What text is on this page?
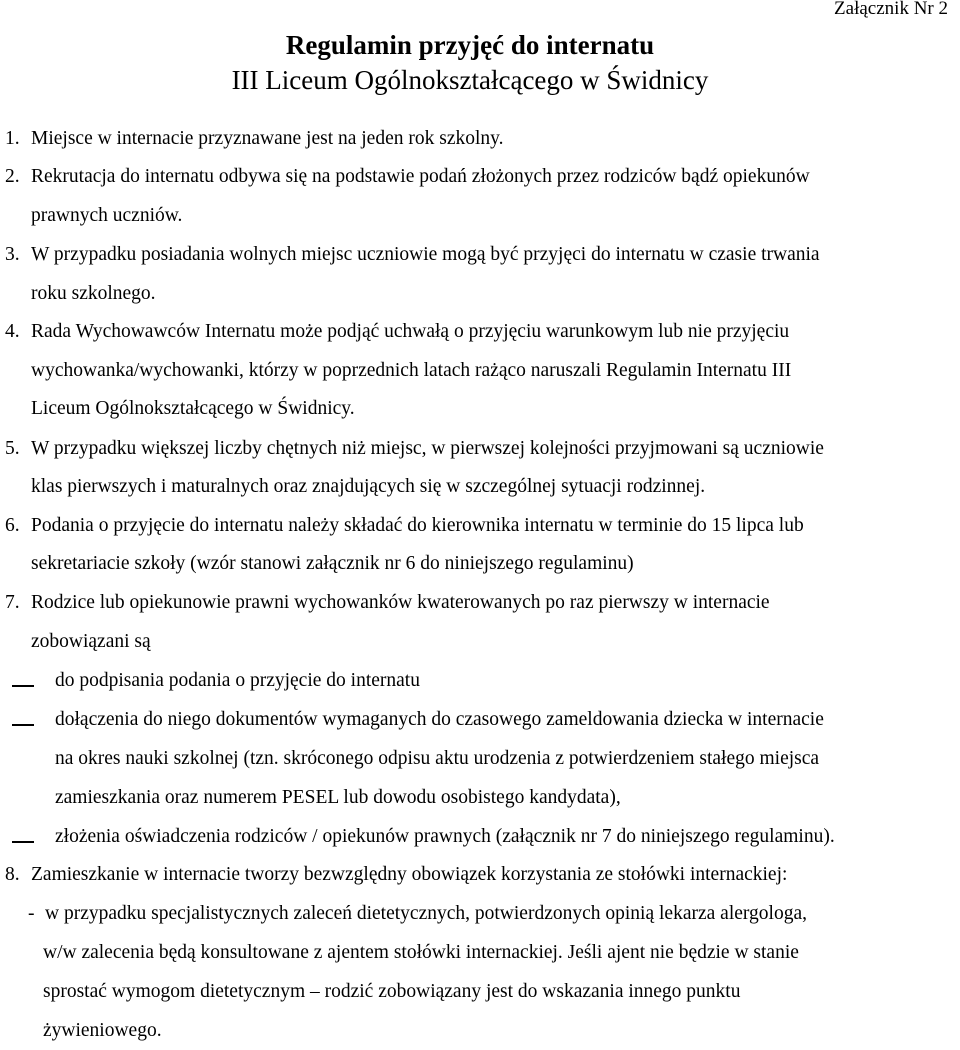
Załącznik Nr 2
Regulamin przyjęć do internatu
III Liceum Ogólnokształcącego w Świdnicy
1. Miejsce w internacie przyznawane jest na jeden rok szkolny.
2. Rekrutacja do internatu odbywa się na podstawie podań złożonych przez rodziców bądź opiekunów
prawnych uczniów.
3. W przypadku posiadania wolnych miejsc uczniowie mogą być przyjęci do internatu w czasie trwania
roku szkolnego.
4. Rada Wychowawców Internatu może podjąć uchwałą o przyjęciu warunkowym lub nie przyjęciu
wychowanka/wychowanki, którzy w poprzednich latach rażąco naruszali Regulamin Internatu III
Liceum Ogólnokształcącego w Świdnicy.
5. W przypadku większej liczby chętnych niż miejsc, w pierwszej kolejności przyjmowani są uczniowie
klas pierwszych i maturalnych oraz znajdujących się w szczególnej sytuacji rodzinnej.
6. Podania o przyjęcie do internatu należy składać do kierownika internatu w terminie do 15 lipca lub
sekretariacie szkoły (wzór stanowi załącznik nr 6 do niniejszego regulaminu)
7. Rodzice lub opiekunowie prawni wychowanków kwaterowanych po raz pierwszy w internacie
zobowiązani są
do podpisania podania o przyjęcie do internatu
dołączenia do niego dokumentów wymaganych do czasowego zameldowania dziecka w internacie
na okres nauki szkolnej (tzn. skróconego odpisu aktu urodzenia z potwierdzeniem stałego miejsca
zamieszkania oraz numerem PESEL lub dowodu osobistego kandydata),
złożenia oświadczenia rodziców / opiekunów prawnych (załącznik nr 7 do niniejszego regulaminu).
8. Zamieszkanie w internacie tworzy bezwzględny obowiązek korzystania ze stołówki internackiej:
- w przypadku specjalistycznych zaleceń dietetycznych, potwierdzonych opinią lekarza alergologa,
w/w zalecenia będą konsultowane z ajentem stołówki internackiej. Jeśli ajent nie będzie w stanie
sprostać wymogom dietetycznym – rodzić zobowiązany jest do wskazania innego punktu
żywieniowego.
